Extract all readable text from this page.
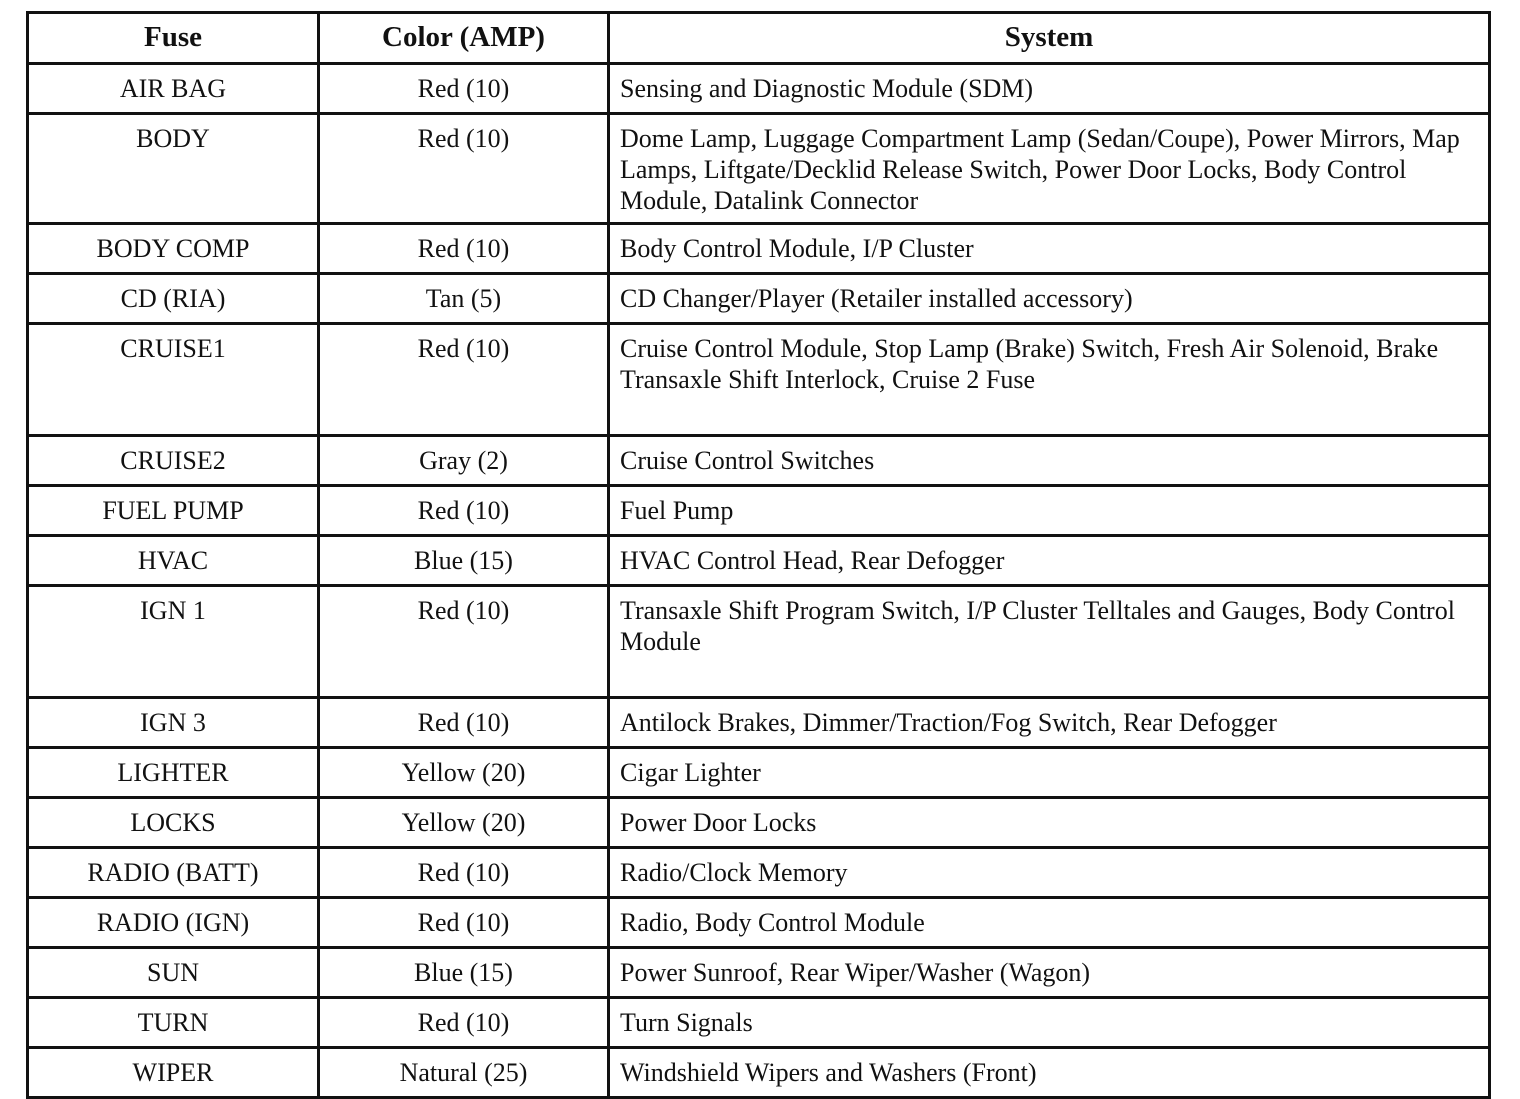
Fuse	Color (AMP)	System
AIR BAG	Red (10)	Sensing and Diagnostic Module (SDM)
BODY	Red (10)	Dome Lamp, Luggage Compartment Lamp (Sedan/Coupe), Power Mirrors, Map Lamps, Liftgate/Decklid Release Switch, Power Door Locks, Body Control Module, Datalink Connector
BODY COMP	Red (10)	Body Control Module, I/P Cluster
CD (RIA)	Tan (5)	CD Changer/Player (Retailer installed accessory)
CRUISE1	Red (10)	Cruise Control Module, Stop Lamp (Brake) Switch, Fresh Air Solenoid, Brake Transaxle Shift Interlock, Cruise 2 Fuse
CRUISE2	Gray (2)	Cruise Control Switches
FUEL PUMP	Red (10)	Fuel Pump
HVAC	Blue (15)	HVAC Control Head, Rear Defogger
IGN 1	Red (10)	Transaxle Shift Program Switch, I/P Cluster Telltales and Gauges, Body Control Module
IGN 3	Red (10)	Antilock Brakes, Dimmer/Traction/Fog Switch, Rear Defogger
LIGHTER	Yellow (20)	Cigar Lighter
LOCKS	Yellow (20)	Power Door Locks
RADIO (BATT)	Red (10)	Radio/Clock Memory
RADIO (IGN)	Red (10)	Radio, Body Control Module
SUN	Blue (15)	Power Sunroof, Rear Wiper/Washer (Wagon)
TURN	Red (10)	Turn Signals
WIPER	Natural (25)	Windshield Wipers and Washers (Front)
